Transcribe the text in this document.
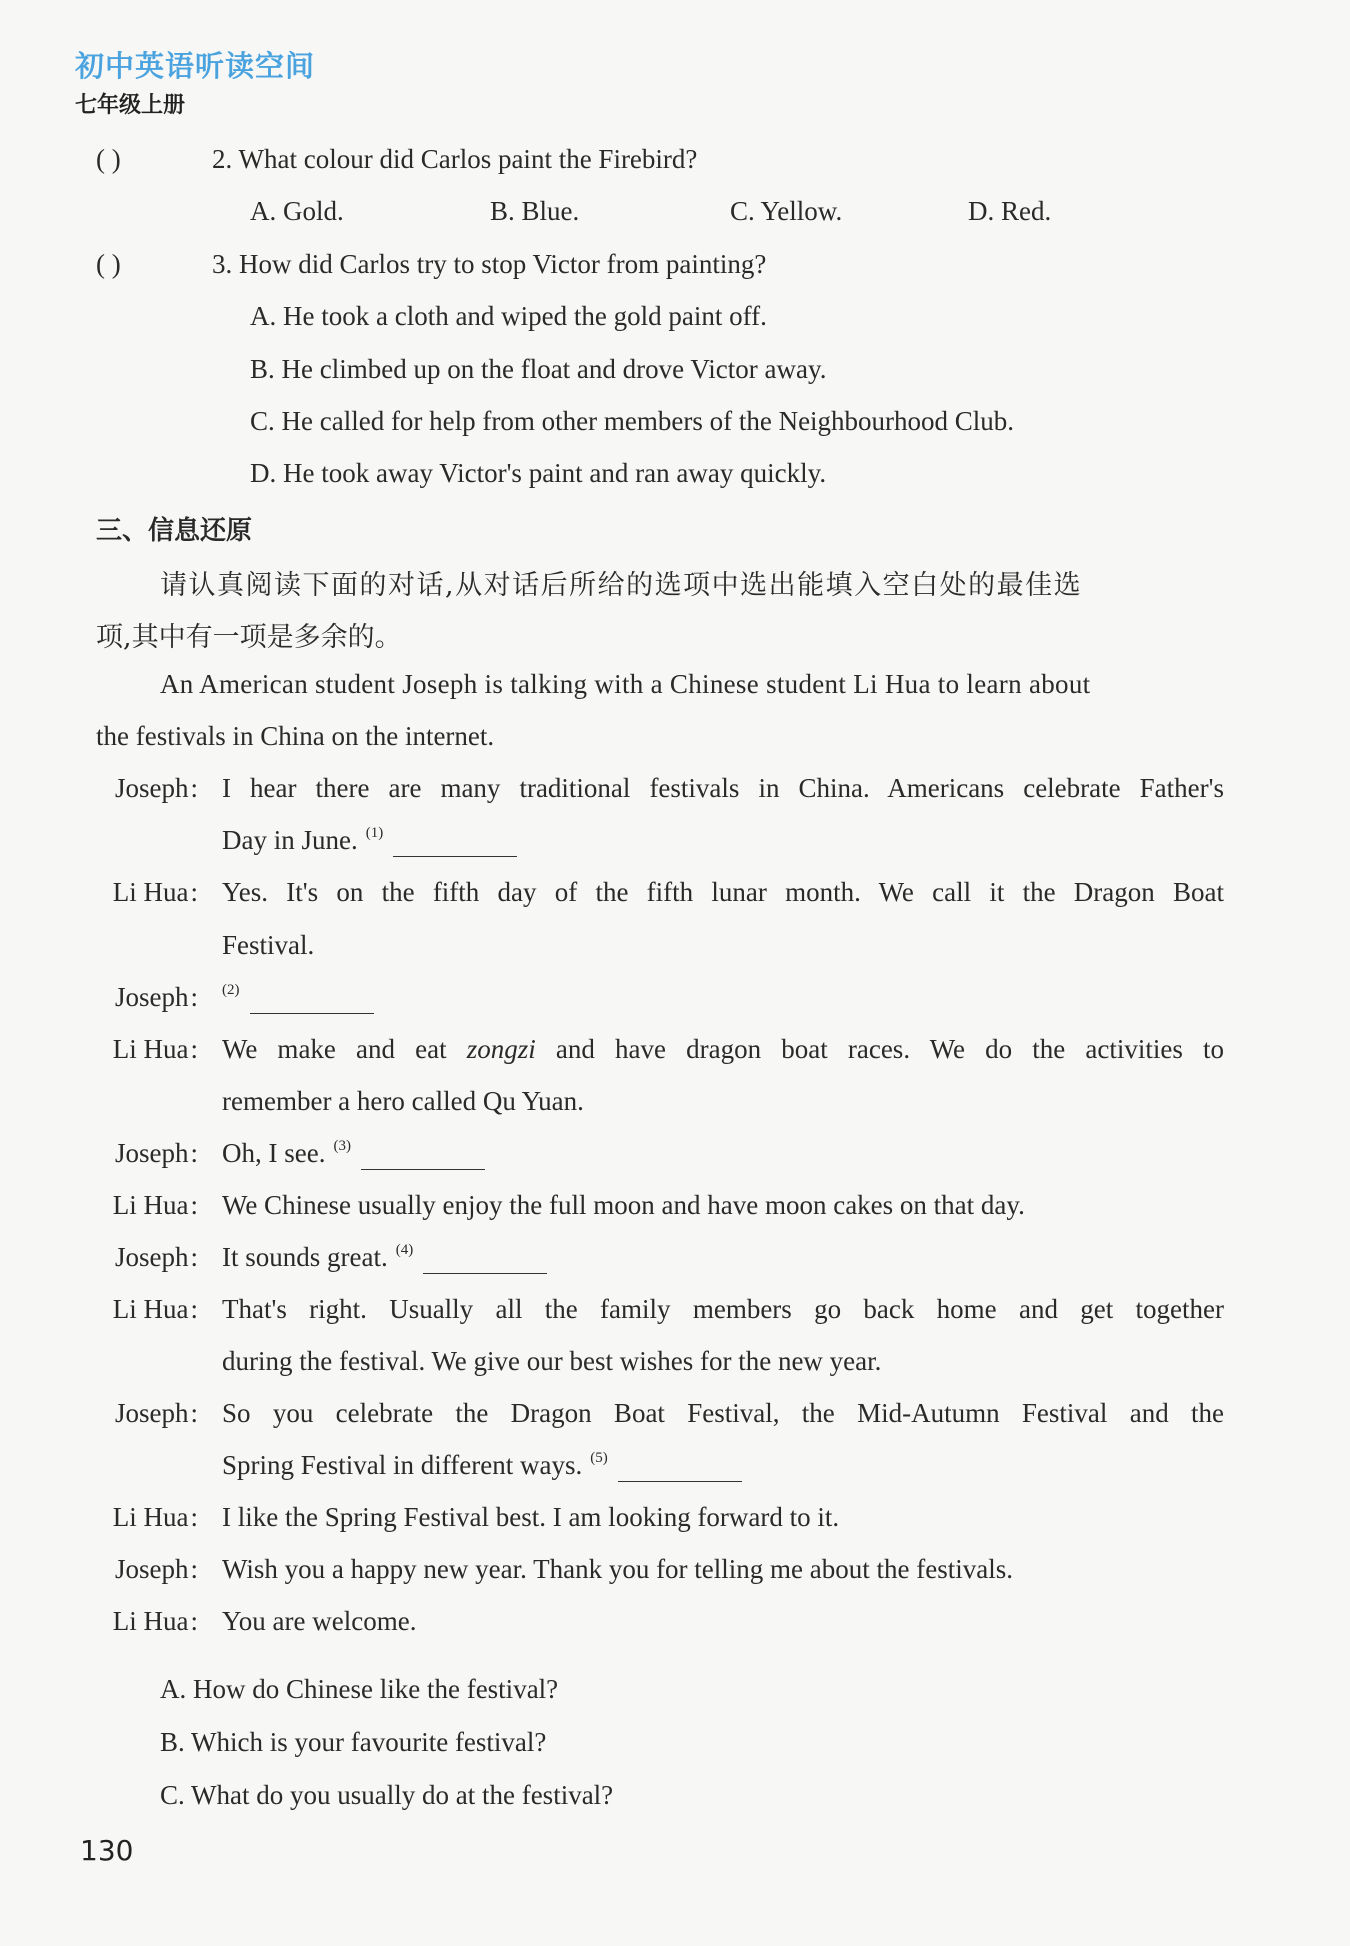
初中英语听读空间
七年级上册
( )	2. What colour did Carlos paint the Firebird?
A. Gold.	B. Blue.	C. Yellow.	D. Red.
( )	3. How did Carlos try to stop Victor from painting?
A. He took a cloth and wiped the gold paint off.
B. He climbed up on the float and drove Victor away.
C. He called for help from other members of the Neighbourhood Club.
D. He took away Victor's paint and ran away quickly.
三、信息还原
请认真阅读下面的对话,从对话后所给的选项中选出能填入空白处的最佳选
项,其中有一项是多余的。
An American student Joseph is talking with a Chinese student Li Hua to learn about
the festivals in China on the internet.
Joseph: I hear there are many traditional festivals in China. Americans celebrate Father's
Day in June. $^{(1)}$
Li Hua: Yes. It's on the fifth day of the fifth lunar month. We call it the Dragon Boat
Festival.
Joseph: $^{(2)}$
Li Hua: We make and eat zongzi and have dragon boat races. We do the activities to
remember a hero called Qu Yuan.
Joseph: Oh, I see. $^{(3)}$
Li Hua: We Chinese usually enjoy the full moon and have moon cakes on that day.
Joseph: It sounds great. $^{(4)}$
Li Hua: That's right. Usually all the family members go back home and get together
during the festival. We give our best wishes for the new year.
Joseph: So you celebrate the Dragon Boat Festival, the Mid-Autumn Festival and the
Spring Festival in different ways. $^{(5)}$
Li Hua: I like the Spring Festival best. I am looking forward to it.
Joseph: Wish you a happy new year. Thank you for telling me about the festivals.
Li Hua: You are welcome.
A. How do Chinese like the festival?
B. Which is your favourite festival?
C. What do you usually do at the festival?
130
